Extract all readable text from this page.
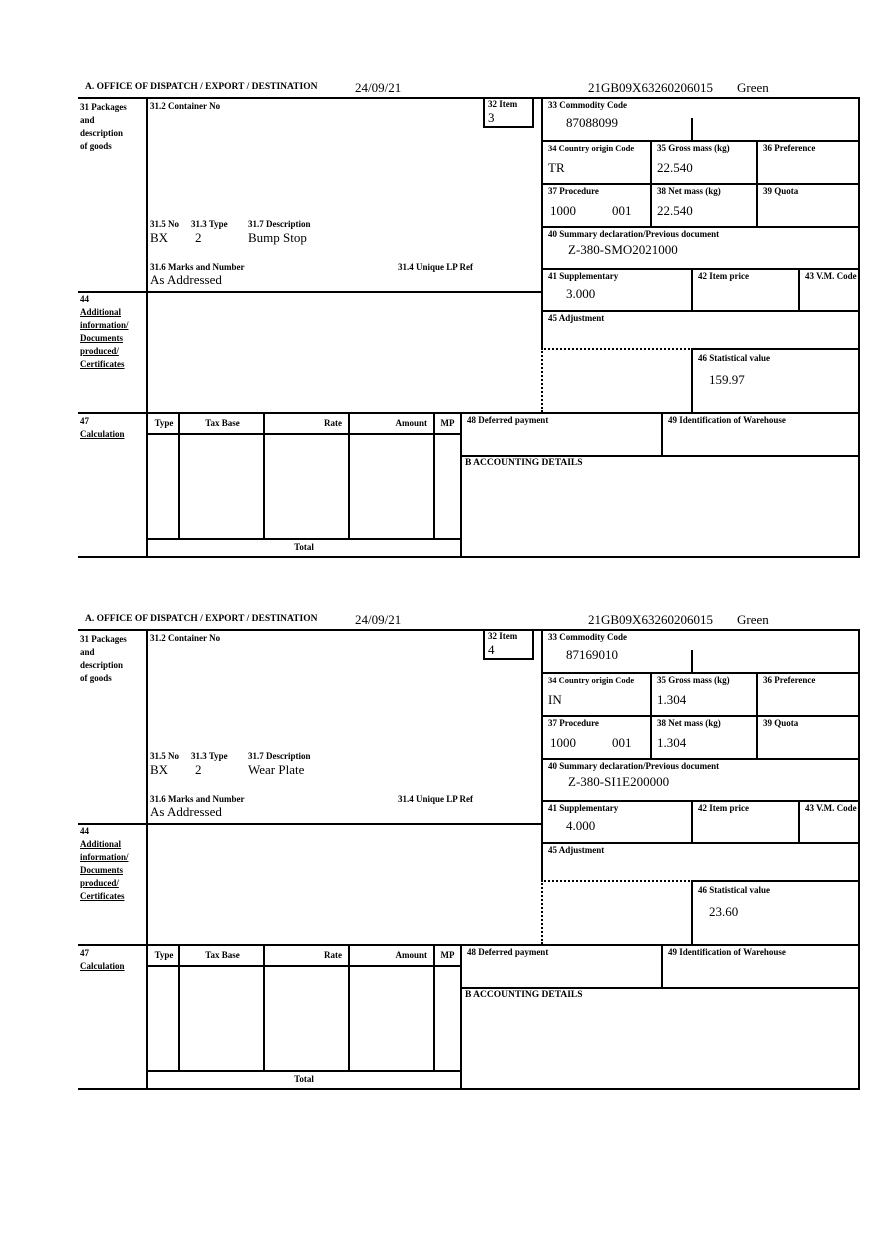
A. OFFICE OF DISPATCH / EXPORT / DESTINATION	24/09/21	21GB09X63260206015 Green
31 Packages
and
description
of goods
44
Additional
information/
Documents
produced/
Certificates
47
Calculation
31.2 Container No	32 Item
3
31.5 No 31.3 Type 31.7 Description
BX 2	Bump Stop
31.6 Marks and Number	31.4 Unique LP Ref
As Addressed
33 Commodity Code
87088099
34 Country origin Code
TR
35 Gross mass (kg)
22.540
36 Preference
37 Procedure
1000	001
38 Net mass (kg)
22.540
39 Quota
40 Summary declaration/Previous document
Z-380-SMO2021000
41 Supplementary
3.000
42 Item price	43 V.M. Code
45 Adjustment
46 Statistical value
159.97
Type	Tax Base	Rate	Amount	MP
Total
48 Deferred payment	49 Identification of Warehouse
B ACCOUNTING DETAILS
A. OFFICE OF DISPATCH / EXPORT / DESTINATION	24/09/21	21GB09X63260206015 Green
31 Packages
and
description
of goods
44
Additional
information/
Documents
produced/
Certificates
47
Calculation
31.2 Container No	32 Item
4
31.5 No 31.3 Type 31.7 Description
BX 2	Wear Plate
31.6 Marks and Number	31.4 Unique LP Ref
As Addressed
33 Commodity Code
87169010
34 Country origin Code
IN
35 Gross mass (kg)
1.304
36 Preference
37 Procedure
1000	001
38 Net mass (kg)
1.304
39 Quota
40 Summary declaration/Previous document
Z-380-SI1E200000
41 Supplementary
4.000
42 Item price	43 V.M. Code
45 Adjustment
46 Statistical value
23.60
Type	Tax Base	Rate	Amount	MP
Total
48 Deferred payment	49 Identification of Warehouse
B ACCOUNTING DETAILS
